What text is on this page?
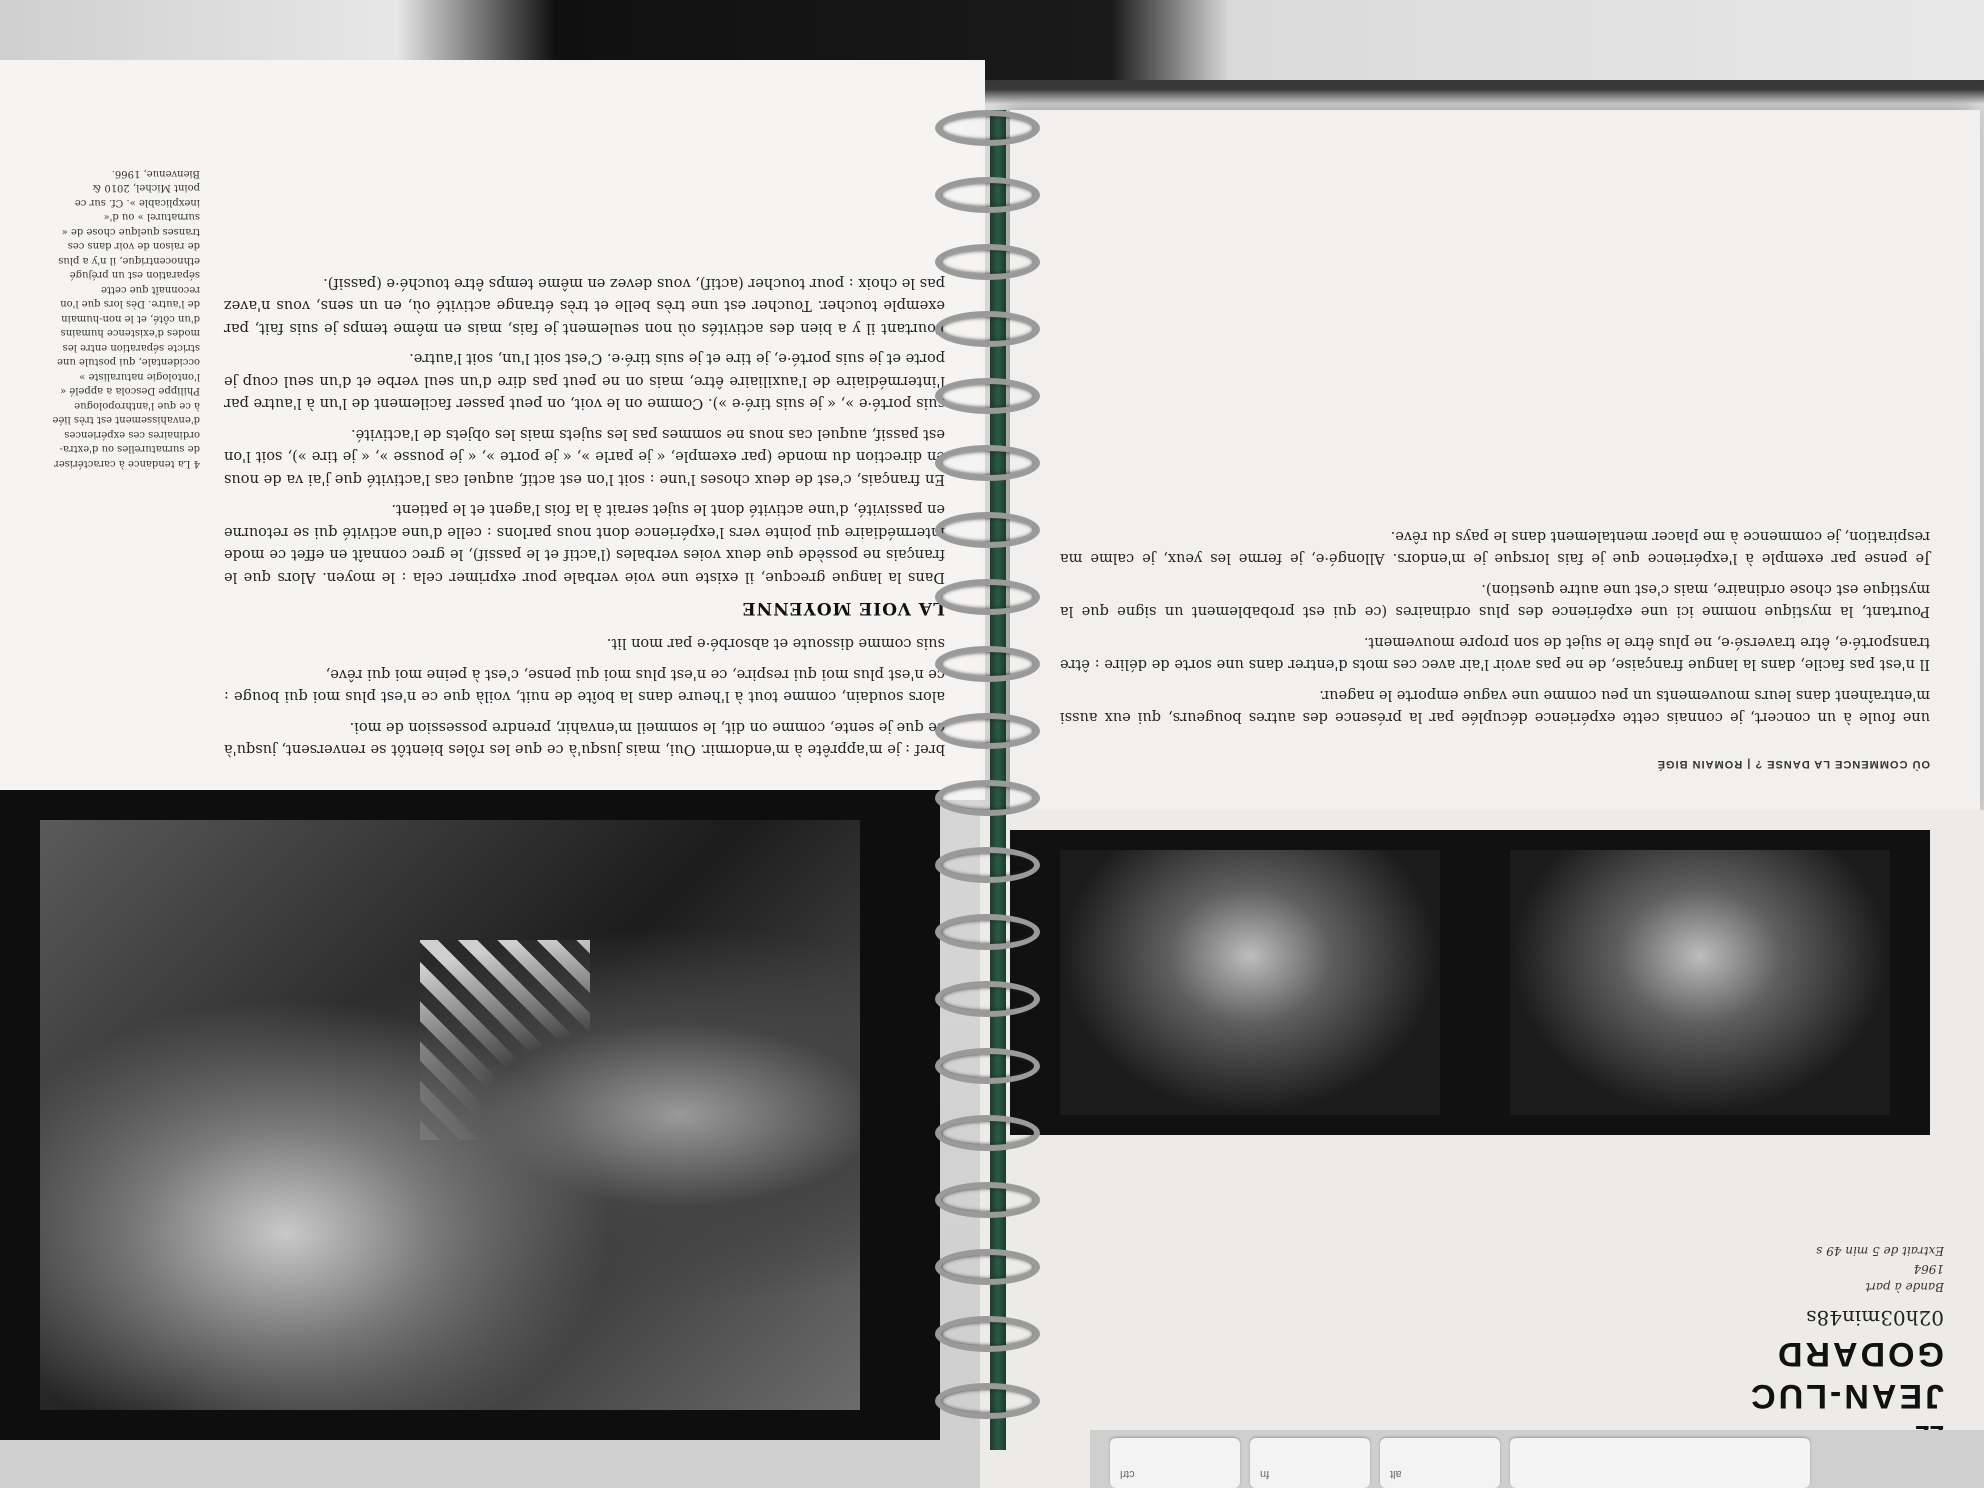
bref : je m'apprête à m'endormir. Oui, mais jusqu'à ce que les rôles bientôt se renversent, jusqu'à ce que je sente, comme on dit, le sommeil m'envahir, prendre possession de moi.

alors soudain, comme tout à l'heure dans la boîte de nuit, voilà que ce n'est plus moi qui bouge : ce n'est plus moi qui respire, ce n'est plus moi qui pense, c'est à peine moi qui rêve,

suis comme dissoute et absorbé·e par mon lit.

LA VOIE MOYENNE

Dans la langue grecque, il existe une voie verbale pour exprimer cela : le moyen. Alors que le français ne possède que deux voies verbales (l'actif et le passif), le grec connaît en effet ce mode intermédiaire qui pointe vers l'expérience dont nous parlons : celle d'une activité qui se retourne en passivité, d'une activité dont le sujet serait à la fois l'agent et le patient.

En français, c'est de deux choses l'une : soit l'on est actif, auquel cas l'activité que j'ai va de nous en direction du monde (par exemple, « je parle », « je porte », « je pousse », « je tire »), soit l'on est passif, auquel cas nous ne sommes pas les sujets mais les objets de l'activité.

suis porté·e », « je suis tiré·e »). Comme on le voit, on peut passer facilement de l'un à l'autre par l'intermédiaire de l'auxiliaire être, mais on ne peut pas dire d'un seul verbe et d'un seul coup je porte et je suis porté·e, je tire et je suis tiré·e. C'est soit l'un, soit l'autre.

Pourtant il y a bien des activités où non seulement je fais, mais en même temps je suis fait, par exemple toucher. Toucher est une très belle et très étrange activité où, en un sens, vous n'avez pas le choix : pour toucher (actif), vous devez en même temps être touché·e (passif).

4 La tendance à caractériser de surnaturelles ou d'extra-ordinaires ces expériences d'envahissement est très liée à ce que l'anthropologue Philippe Descola a appelé « l'ontologie naturaliste » occidentale, qui postule une stricte séparation entre les modes d'existence humains d'un côté, et le non-humain de l'autre. Dès lors que l'on reconnaît que cette séparation est un préjugé ethnocentrique, il n'y a plus de raison de voir dans ces transes quelque chose de « surnaturel » ou d'« inexplicable ». Cf. sur ce point Michel, 2010 & Bienvenue, 1966.
OÙ COMMENCE LA DANSE ? | ROMAIN BIGÉ

une foule à un concert, je connais cette expérience décuplée par la présence des autres bougeurs, qui eux aussi m'entraînent dans leurs mouvements un peu comme une vague emporte le nageur.

Il n'est pas facile, dans la langue française, de ne pas avoir l'air avec ces mots d'entrer dans une sorte de délire : être transporté·e, être traversé·e, ne plus être le sujet de son propre mouvement.

Pourtant, la mystique nomme ici une expérience des plus ordinaires (ce qui est probablement un signe que la mystique est chose ordinaire, mais c'est une autre question).

Je pense par exemple à l'expérience que je fais lorsque je m'endors. Allongé·e, je ferme les yeux, je calme ma respiration, je commence à me placer mentalement dans le pays du rêve.

JEAN-LUC
GODARD
02h03min48s
Bande à part
1964
Extrait de 5 min 49 s
ctrl	fn	alt
